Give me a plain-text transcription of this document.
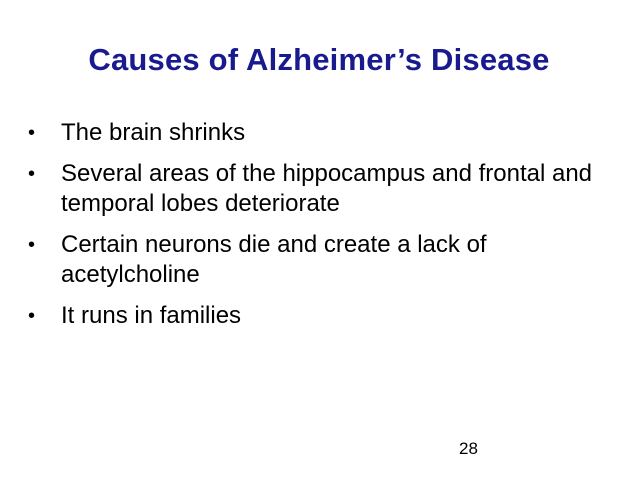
Causes of Alzheimer’s Disease
•	The brain shrinks
•	Several areas of the hippocampus and frontal and temporal lobes deteriorate
•	Certain neurons die and create a lack of acetylcholine
•	It runs in families
28
